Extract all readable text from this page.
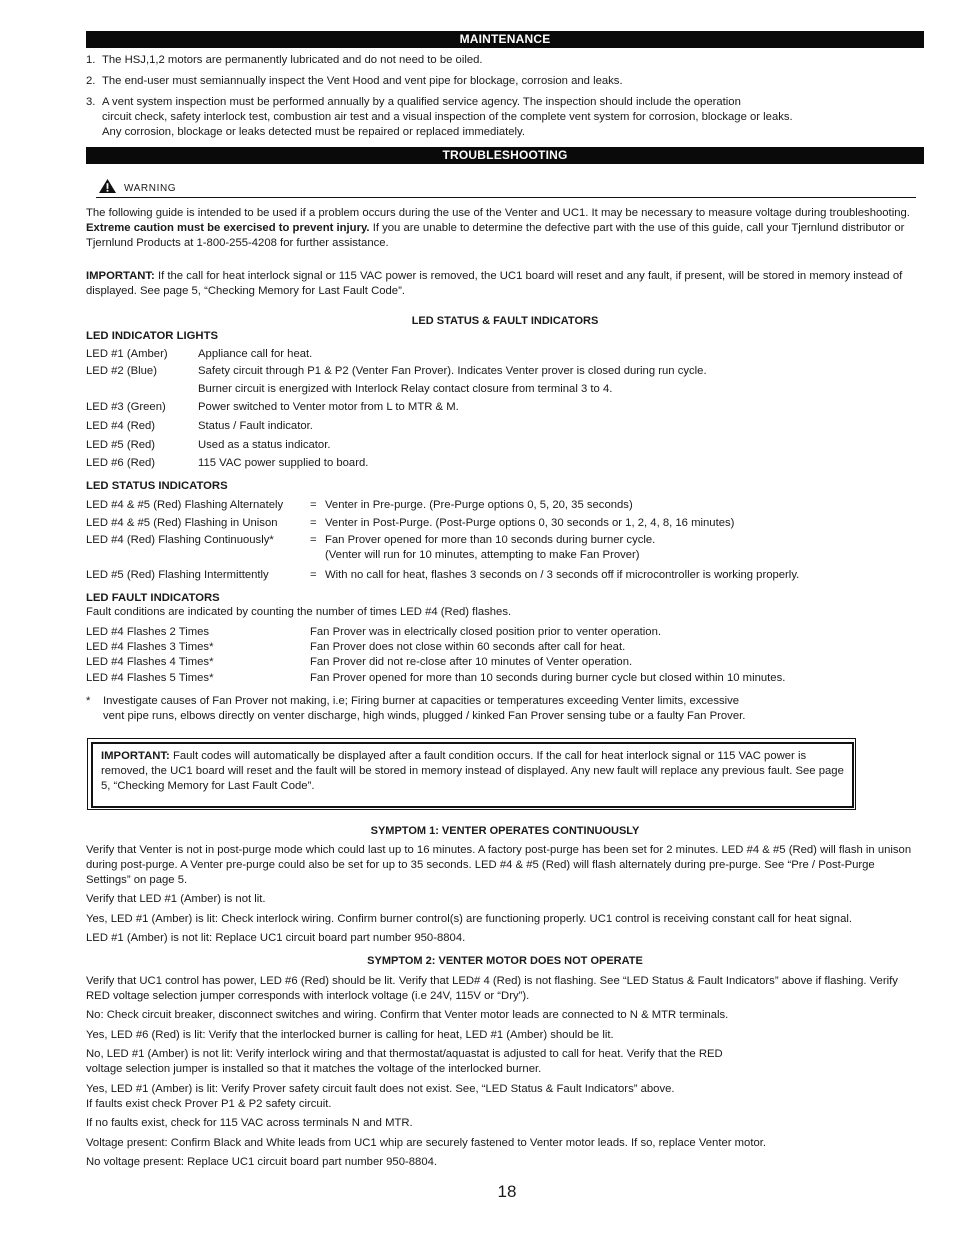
MAINTENANCE
1. The HSJ,1,2 motors are permanently lubricated and do not need to be oiled.
2. The end-user must semiannually inspect the Vent Hood and vent pipe for blockage, corrosion and leaks.
3. A vent system inspection must be performed annually by a qualified service agency. The inspection should include the operation
circuit check, safety interlock test, combustion air test and a visual inspection of the complete vent system for corrosion, blockage or leaks.
Any corrosion, blockage or leaks detected must be repaired or replaced immediately.
TROUBLESHOOTING
WARNING
The following guide is intended to be used if a problem occurs during the use of the Venter and UC1. It may be necessary to measure voltage during troubleshooting. Extreme caution must be exercised to prevent injury. If you are unable to determine the defective part with the use of this guide, call your Tjernlund distributor or Tjernlund Products at 1-800-255-4208 for further assistance.
IMPORTANT: If the call for heat interlock signal or 115 VAC power is removed, the UC1 board will reset and any fault, if present, will be stored in memory instead of displayed. See page 5, “Checking Memory for Last Fault Code”.
LED STATUS & FAULT INDICATORS
LED INDICATOR LIGHTS
LED #1 (Amber)	Appliance call for heat.
LED #2 (Blue)	Safety circuit through P1 & P2 (Venter Fan Prover). Indicates Venter prover is closed during run cycle.
Burner circuit is energized with Interlock Relay contact closure from terminal 3 to 4.
LED #3 (Green)	Power switched to Venter motor from L to MTR & M.
LED #4 (Red)	Status / Fault indicator.
LED #5 (Red)	Used as a status indicator.
LED #6 (Red)	115 VAC power supplied to board.
LED STATUS INDICATORS
LED #4 & #5 (Red) Flashing Alternately = Venter in Pre-purge. (Pre-Purge options 0, 5, 20, 35 seconds)
LED #4 & #5 (Red) Flashing in Unison	= Venter in Post-Purge. (Post-Purge options 0, 30 seconds or 1, 2, 4, 8, 16 minutes)
LED #4 (Red) Flashing Continuously*	= Fan Prover opened for more than 10 seconds during burner cycle.
(Venter will run for 10 minutes, attempting to make Fan Prover)
LED #5 (Red) Flashing Intermittently	= With no call for heat, flashes 3 seconds on / 3 seconds off if microcontroller is working properly.
LED FAULT INDICATORS
Fault conditions are indicated by counting the number of times LED #4 (Red) flashes.
LED #4 Flashes 2 Times	Fan Prover was in electrically closed position prior to venter operation.
LED #4 Flashes 3 Times*	Fan Prover does not close within 60 seconds after call for heat.
LED #4 Flashes 4 Times*	Fan Prover did not re-close after 10 minutes of Venter operation.
LED #4 Flashes 5 Times*	Fan Prover opened for more than 10 seconds during burner cycle but closed within 10 minutes.
* Investigate causes of Fan Prover not making, i.e; Firing burner at capacities or temperatures exceeding Venter limits, excessive
vent pipe runs, elbows directly on venter discharge, high winds, plugged / kinked Fan Prover sensing tube or a faulty Fan Prover.
IMPORTANT: Fault codes will automatically be displayed after a fault condition occurs. If the call for heat interlock signal or 115 VAC power is removed, the UC1 board will reset and the fault will be stored in memory instead of displayed. Any new fault will replace any previous fault. See page 5, “Checking Memory for Last Fault Code”.
SYMPTOM 1: VENTER OPERATES CONTINUOUSLY
Verify that Venter is not in post-purge mode which could last up to 16 minutes. A factory post-purge has been set for 2 minutes. LED #4 & #5 (Red) will flash in unison during post-purge. A Venter pre-purge could also be set for up to 35 seconds. LED #4 & #5 (Red) will flash alternately during pre-purge. See “Pre / Post-Purge Settings” on page 5.
Verify that LED #1 (Amber) is not lit.
Yes, LED #1 (Amber) is lit: Check interlock wiring. Confirm burner control(s) are functioning properly. UC1 control is receiving constant call for heat signal.
LED #1 (Amber) is not lit: Replace UC1 circuit board part number 950-8804.
SYMPTOM 2: VENTER MOTOR DOES NOT OPERATE
Verify that UC1 control has power, LED #6 (Red) should be lit. Verify that LED# 4 (Red) is not flashing. See “LED Status & Fault Indicators” above if flashing. Verify RED voltage selection jumper corresponds with interlock voltage (i.e 24V, 115V or “Dry”).
No: Check circuit breaker, disconnect switches and wiring. Confirm that Venter motor leads are connected to N & MTR terminals.
Yes, LED #6 (Red) is lit: Verify that the interlocked burner is calling for heat, LED #1 (Amber) should be lit.
No, LED #1 (Amber) is not lit: Verify interlock wiring and that thermostat/aquastat is adjusted to call for heat. Verify that the RED
voltage selection jumper is installed so that it matches the voltage of the interlocked burner.
Yes, LED #1 (Amber) is lit: Verify Prover safety circuit fault does not exist. See, “LED Status & Fault Indicators” above.
If faults exist check Prover P1 & P2 safety circuit.
If no faults exist, check for 115 VAC across terminals N and MTR.
Voltage present: Confirm Black and White leads from UC1 whip are securely fastened to Venter motor leads. If so, replace Venter motor.
No voltage present: Replace UC1 circuit board part number 950-8804.
18
